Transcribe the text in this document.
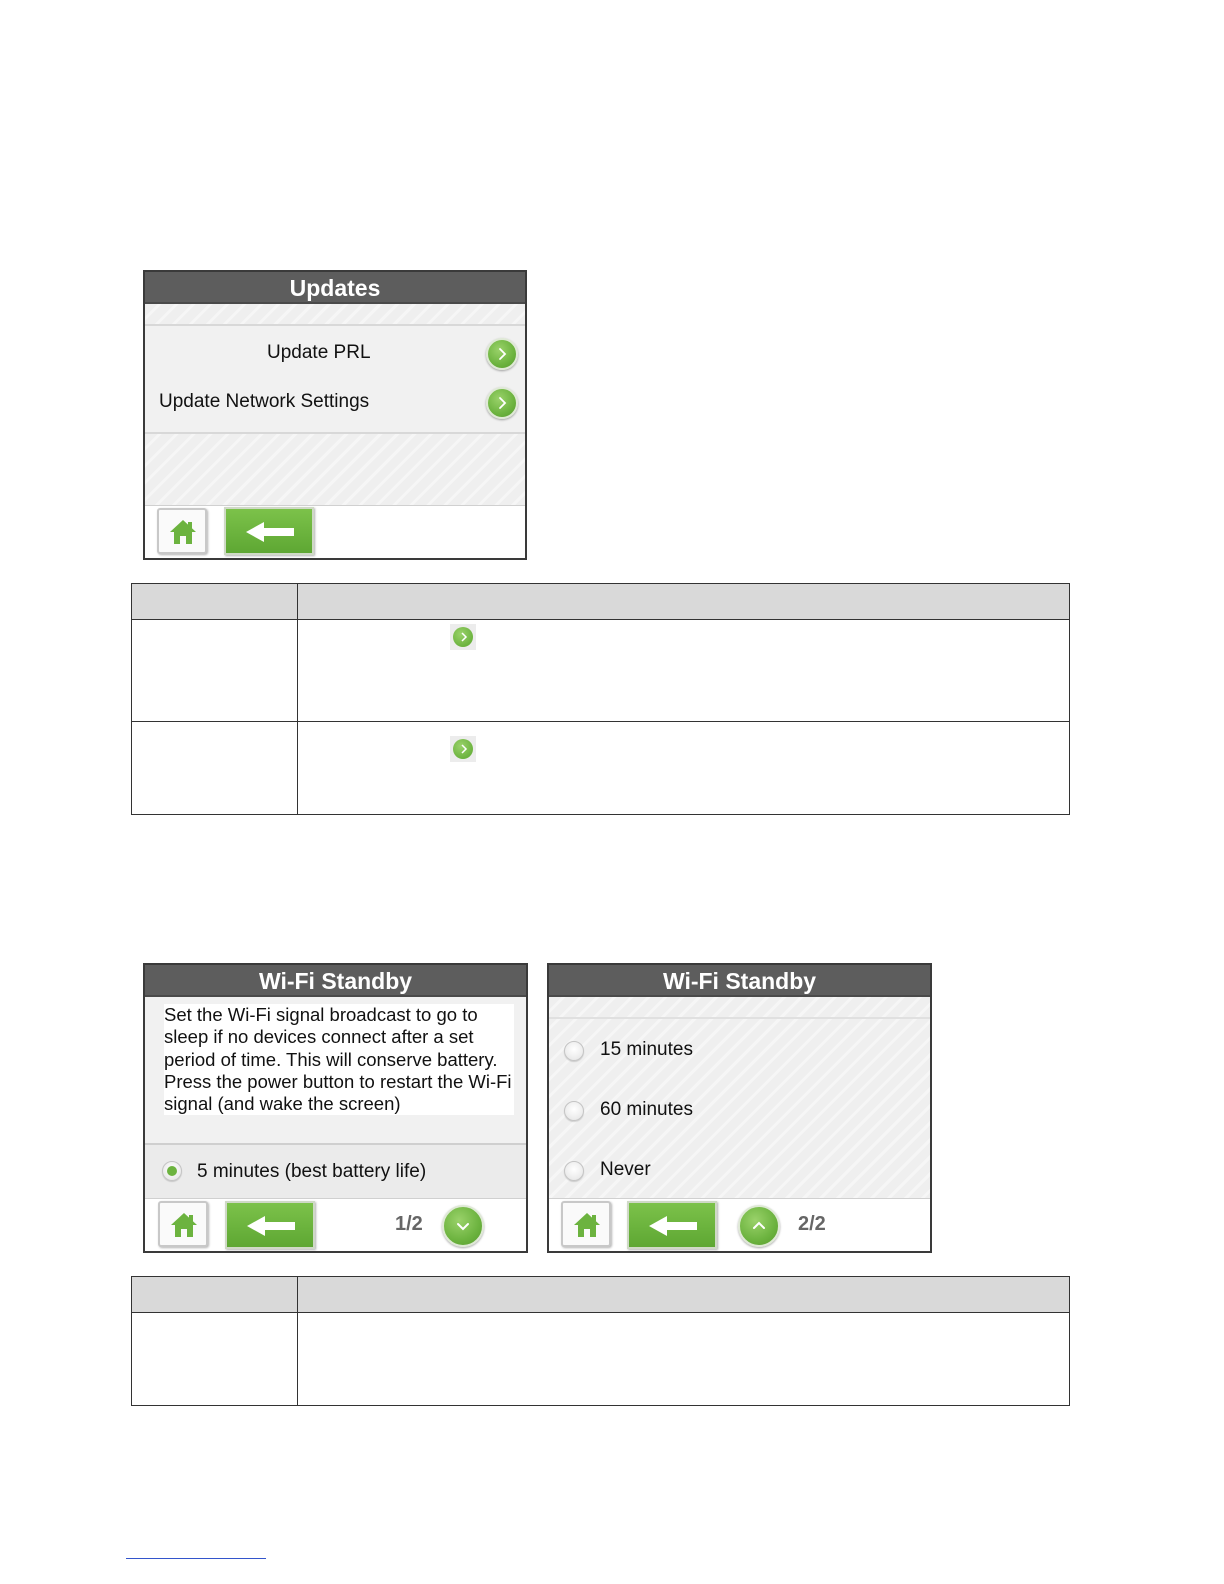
Updates
Update PRL
Update Network Settings

Wi-Fi Standby
Set the Wi-Fi signal broadcast to go to sleep if no devices connect after a set period of time. This will conserve battery. Press the power button to restart the Wi-Fi signal (and wake the screen)
5 minutes (best battery life)
1/2
Wi-Fi Standby
15 minutes
60 minutes
Never
2/2
